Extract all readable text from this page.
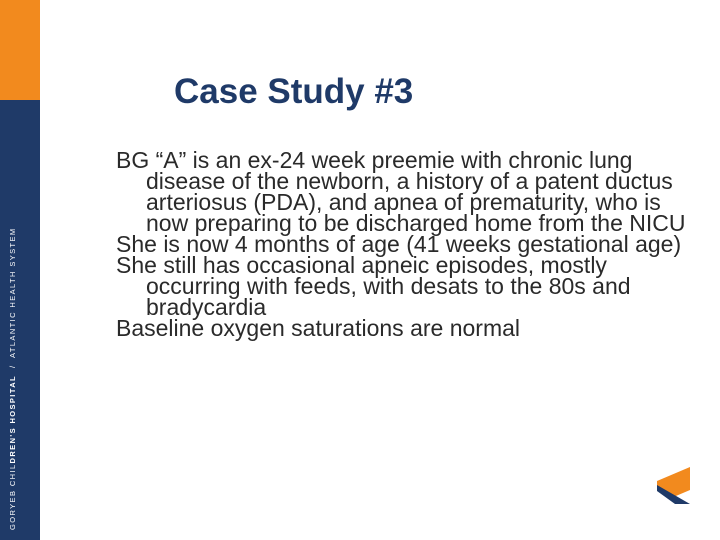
GORYEB CHILDREN'S HOSPITAL  /  ATLANTIC HEALTH SYSTEM
Case Study #3

BG “A” is an ex-24 week preemie with chronic lung disease of the newborn, a history of a patent ductus arteriosus (PDA), and apnea of prematurity, who is now preparing to be discharged home from the NICU

She is now 4 months of age (41 weeks gestational age)

She still has occasional apneic episodes, mostly occurring with feeds, with desats to the 80s and bradycardia

Baseline oxygen saturations are normal
